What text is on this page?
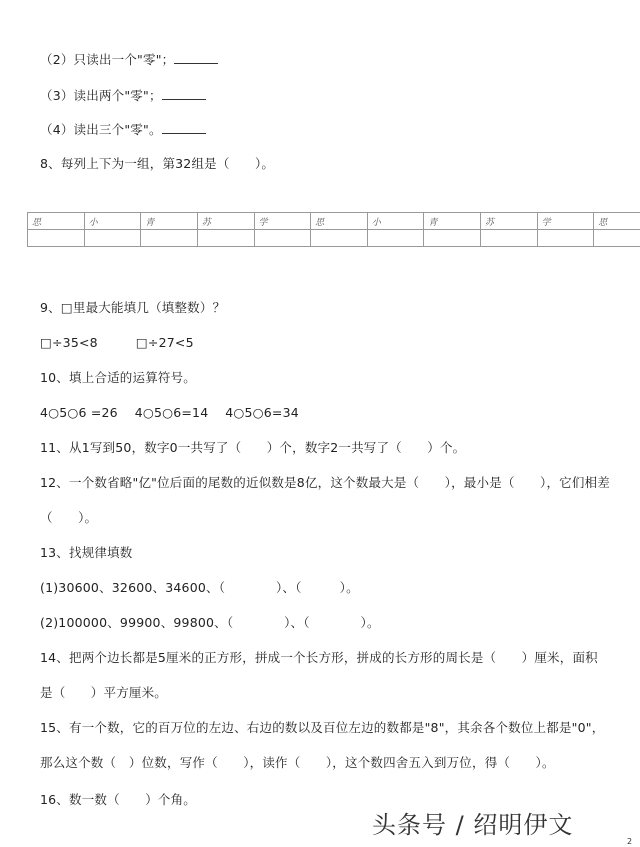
（2）只读出一个"零"；
（3）读出两个"零"；
（4）读出三个"零"。
8、每列上下为一组，第32组是（　　）。
思	小	青	苏	学	思	小	青	苏	学	思

9、□里最大能填几（填整数）？
□÷35<8　　　□÷27<5
10、填上合适的运算符号。
4○5○6 =26　 4○5○6=14　 4○5○6=34
11、从1写到50，数字0一共写了（　　）个，数字2一共写了（　　）个。
12、一个数省略"亿"位后面的尾数的近似数是8亿，这个数最大是（　　），最小是（　　），它们相差
（　　）。
13、找规律填数
(1)30600、32600、34600、（　　　　）、（　　　）。
(2)100000、99900、99800、（　　　　）、（　　　　）。
14、把两个边长都是5厘米的正方形，拼成一个长方形，拼成的长方形的周长是（　　）厘米，面积
是（　　）平方厘米。
15、有一个数，它的百万位的左边、右边的数以及百位左边的数都是"8"，其余各个数位上都是"0"，
那么这个数（　）位数，写作（　　），读作（　　），这个数四舍五入到万位，得（　　）。
16、数一数（　　）个角。
头条号 / 绍明伊文
2
